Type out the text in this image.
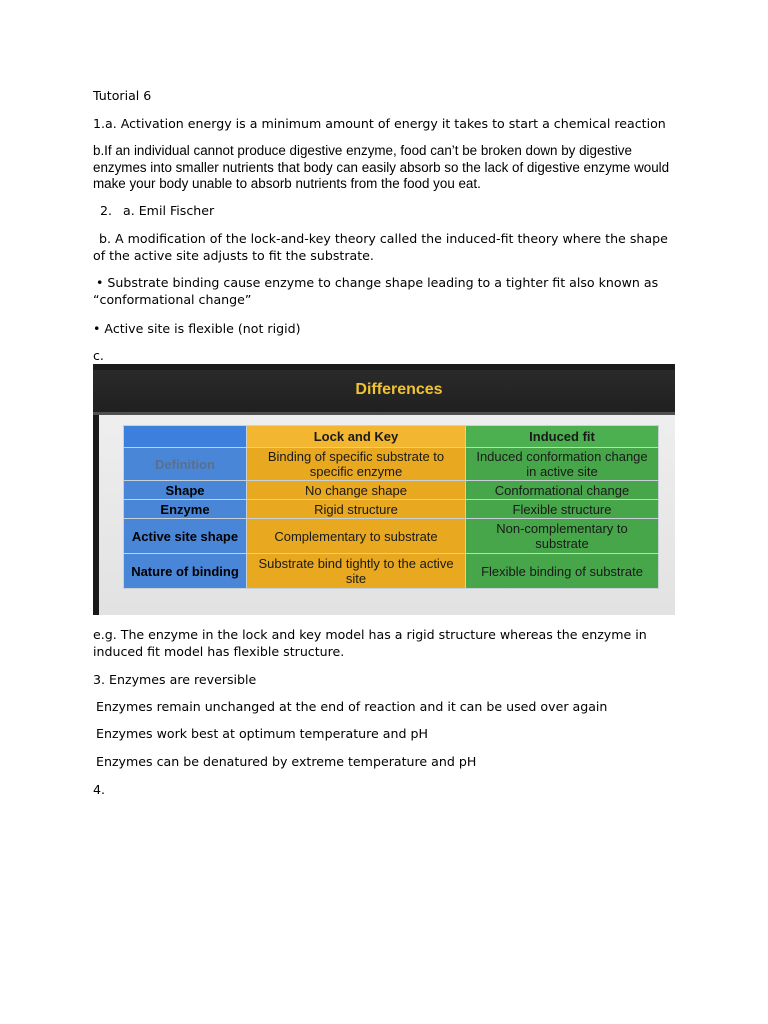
Tutorial 6
1.a. Activation energy is a minimum amount of energy it takes to start a chemical reaction
b.If an individual cannot produce digestive enzyme, food can’t be broken down by digestive enzymes into smaller nutrients that body can easily absorb so the lack of digestive enzyme would make your body unable to absorb nutrients from the food you eat.
2. a. Emil Fischer
b. A modification of the lock-and-key theory called the induced-fit theory where the shape of the active site adjusts to fit the substrate.
• Substrate binding cause enzyme to change shape leading to a tighter fit also known as “conformational change”
• Active site is flexible (not rigid)
c.
Differences
	Lock and Key	Induced fit
Definition	Binding of specific substrate to specific enzyme	Induced conformation change in active site
Shape	No change shape	Conformational change
Enzyme	Rigid structure	Flexible structure
Active site shape	Complementary to substrate	Non-complementary to substrate
Nature of binding	Substrate bind tightly to the active site	Flexible binding of substrate
e.g. The enzyme in the lock and key model has a rigid structure whereas the enzyme in induced fit model has flexible structure.
3. Enzymes are reversible
Enzymes remain unchanged at the end of reaction and it can be used over again
Enzymes work best at optimum temperature and pH
Enzymes can be denatured by extreme temperature and pH
4.
